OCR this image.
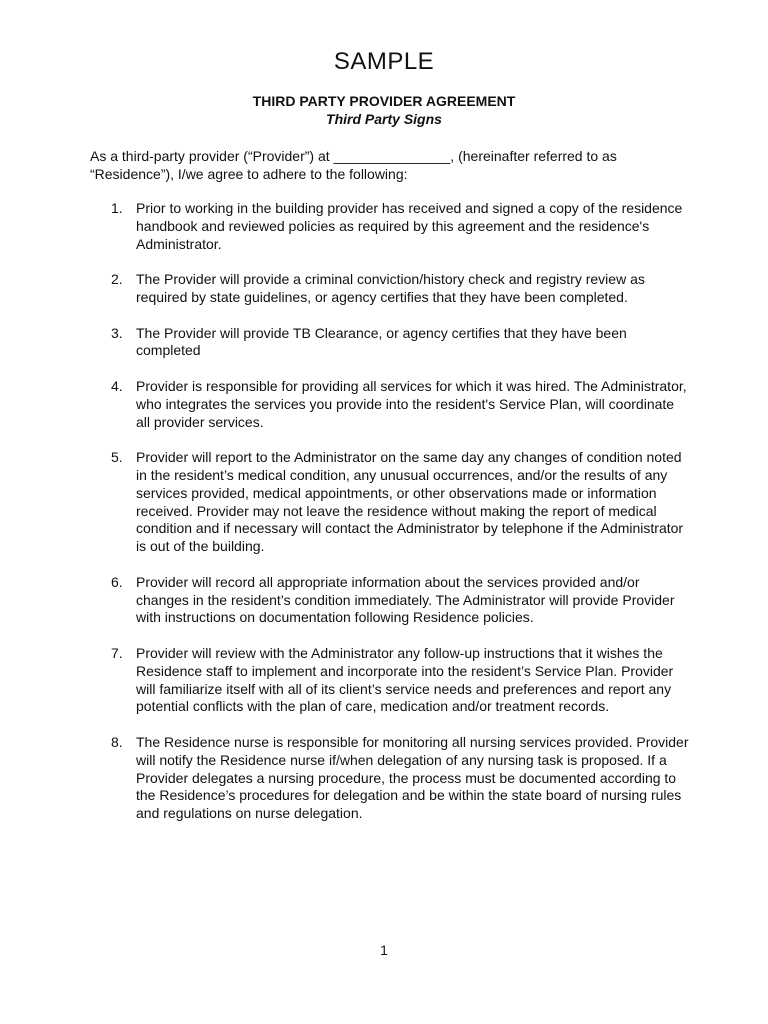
SAMPLE
THIRD PARTY PROVIDER AGREEMENT
Third Party Signs

As a third-party provider (“Provider”) at _______________, (hereinafter referred to as “Residence”), I/we agree to adhere to the following:

1. Prior to working in the building provider has received and signed a copy of the residence handbook and reviewed policies as required by this agreement and the residence's Administrator.
2. The Provider will provide a criminal conviction/history check and registry review as required by state guidelines, or agency certifies that they have been completed.
3. The Provider will provide TB Clearance, or agency certifies that they have been completed
4. Provider is responsible for providing all services for which it was hired. The Administrator, who integrates the services you provide into the resident's Service Plan, will coordinate all provider services.
5. Provider will report to the Administrator on the same day any changes of condition noted in the resident’s medical condition, any unusual occurrences, and/or the results of any services provided, medical appointments, or other observations made or information received. Provider may not leave the residence without making the report of medical condition and if necessary will contact the Administrator by telephone if the Administrator is out of the building.
6. Provider will record all appropriate information about the services provided and/or changes in the resident’s condition immediately. The Administrator will provide Provider with instructions on documentation following Residence policies.
7. Provider will review with the Administrator any follow-up instructions that it wishes the Residence staff to implement and incorporate into the resident’s Service Plan. Provider will familiarize itself with all of its client’s service needs and preferences and report any potential conflicts with the plan of care, medication and/or treatment records.
8. The Residence nurse is responsible for monitoring all nursing services provided. Provider will notify the Residence nurse if/when delegation of any nursing task is proposed. If a Provider delegates a nursing procedure, the process must be documented according to the Residence’s procedures for delegation and be within the state board of nursing rules and regulations on nurse delegation.
1
